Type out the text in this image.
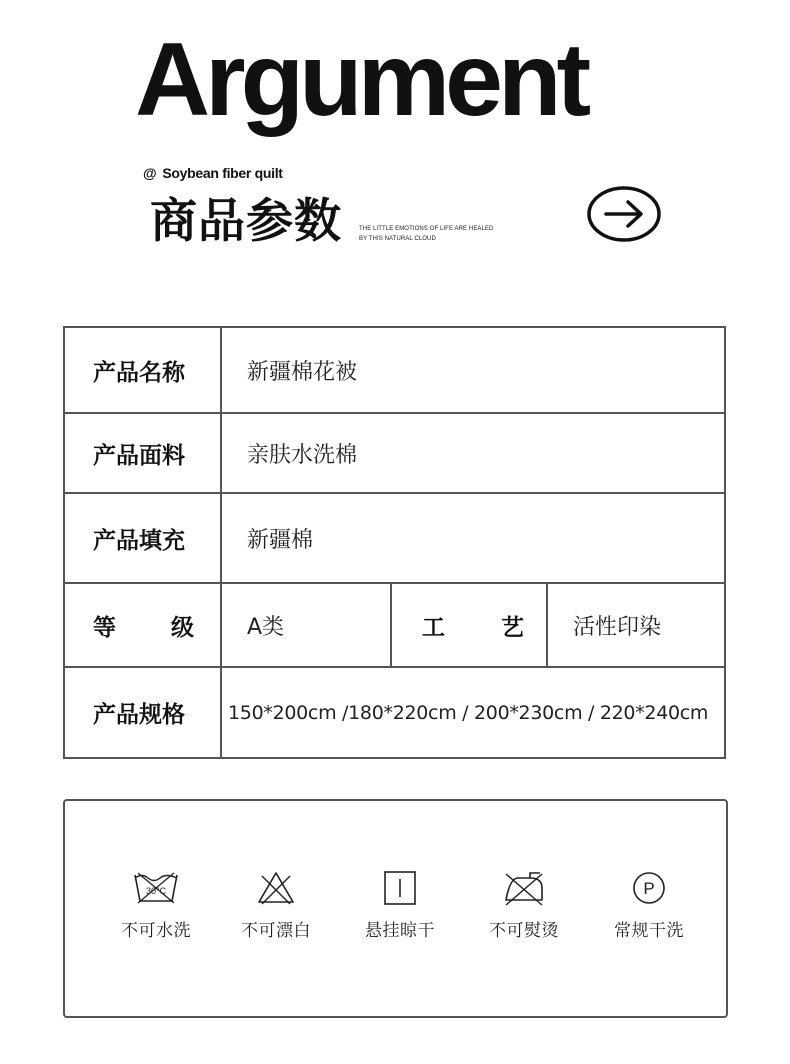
Argument
@ Soybean fiber quilt
商品参数	THE LITTLE EMOTIONS OF LIFE ARE HEALED
BY THIS NATURAL CLOUD
产品名称	新疆棉花被		
产品面料	亲肤水洗棉		
产品填充	新疆棉		

等 级	A类	工 艺	活性印染
产品规格	150*200cm /180*220cm / 200*230cm / 220*240cm		
30°C
不可水洗	不可漂白	悬挂晾干	不可熨烫
P
常规干洗
